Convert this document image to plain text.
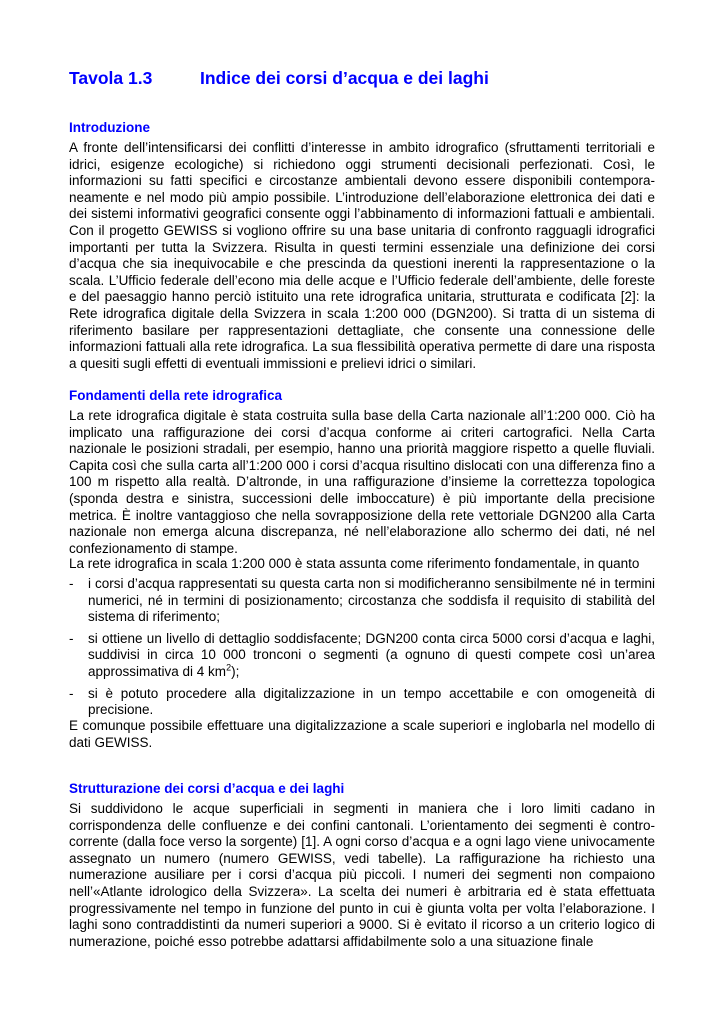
Tavola 1.3	Indice dei corsi d’acqua e dei laghi
Introduzione
A fronte dell’intensificarsi dei conflitti d’interesse in ambito idrografico (sfruttamenti territoriali e idrici, esigenze ecologiche) si richiedono oggi strumenti decisionali perfezionati. Così, le informazioni su fatti specifici e circostanze ambientali devono essere disponibili contemporaneamente e nel modo più ampio possibile. L’introduzione dell’elaborazione elettronica dei dati e dei sistemi informativi geografici consente oggi l’abbinamento di informazioni fattuali e ambientali. Con il progetto GEWISS si vogliono offrire su una base unitaria di confronto ragguagli idrografici importanti per tutta la Svizzera. Risulta in questi termini essenziale una definizione dei corsi d’acqua che sia inequivocabile e che prescinda da questioni inerenti la rappresentazione o la scala. L’Ufficio federale dell’econo mia delle acque e l’Ufficio federale dell’ambiente, delle foreste e del paesaggio hanno perciò istituito una rete idrografica unitaria, strutturata e codificata [2]: la Rete idrografica digitale della Svizzera in scala 1:200 000 (DGN200). Si tratta di un sistema di riferimento basilare per rappresentazioni dettagliate, che consente una connessione delle informazioni fattuali alla rete idrografica. La sua flessibilità operativa permette di dare una risposta a quesiti sugli effetti di eventuali immissioni e prelievi idrici o similari.
Fondamenti della rete idrografica
La rete idrografica digitale è stata costruita sulla base della Carta nazionale all’1:200 000. Ciò ha implicato una raffigurazione dei corsi d’acqua conforme ai criteri cartografici. Nella Carta nazionale le posizioni stradali, per esempio, hanno una priorità maggiore rispetto a quelle fluviali. Capita così che sulla carta all’1:200 000 i corsi d’acqua risultino dislocati con una differenza fino a 100 m rispetto alla realtà. D’altronde, in una raffigurazione d’insieme la correttezza topologica (sponda destra e sinistra, successioni delle imboccature) è più importante della precisione metrica. È inoltre vantaggioso che nella sovrapposizione della rete vettoriale DGN200 alla Carta nazionale non emerga alcuna discrepanza, né nell’elaborazione allo schermo dei dati, né nel confezionamento di stampe.
La rete idrografica in scala 1:200 000 è stata assunta come riferimento fondamentale, in quanto
- i corsi d’acqua rappresentati su questa carta non si modificheranno sensibilmente né in termini numerici, né in termini di posizionamento; circostanza che soddisfa il requisito di stabilità del sistema di riferimento;
- si ottiene un livello di dettaglio soddisfacente; DGN200 conta circa 5000 corsi d’acqua e laghi, suddivisi in circa 10 000 tronconi o segmenti (a ognuno di questi compete così un’area approssimativa di 4 $km^2$);
- si è potuto procedere alla digitalizzazione in un tempo accettabile e con omogeneità di precisione.
E comunque possibile effettuare una digitalizzazione a scale superiori e inglobarla nel modello di dati GEWISS.
Strutturazione dei corsi d’acqua e dei laghi
Si suddividono le acque superficiali in segmenti in maniera che i loro limiti cadano in corrispondenza delle confluenze e dei confini cantonali. L’orientamento dei segmenti è controcorrente (dalla foce verso la sorgente) [1]. A ogni corso d’acqua e a ogni lago viene univocamente assegnato un numero (numero GEWISS, vedi tabelle). La raffigurazione ha richiesto una numerazione ausiliare per i corsi d’acqua più piccoli. I numeri dei segmenti non compaiono nell’«Atlante idrologico della Svizzera». La scelta dei numeri è arbitraria ed è stata effettuata progressivamente nel tempo in funzione del punto in cui è giunta volta per volta l’elaborazione. I laghi sono contraddistinti da numeri superiori a 9000. Si è evitato il ricorso a un criterio logico di numerazione, poiché esso potrebbe adattarsi affidabilmente solo a una situazione finale
